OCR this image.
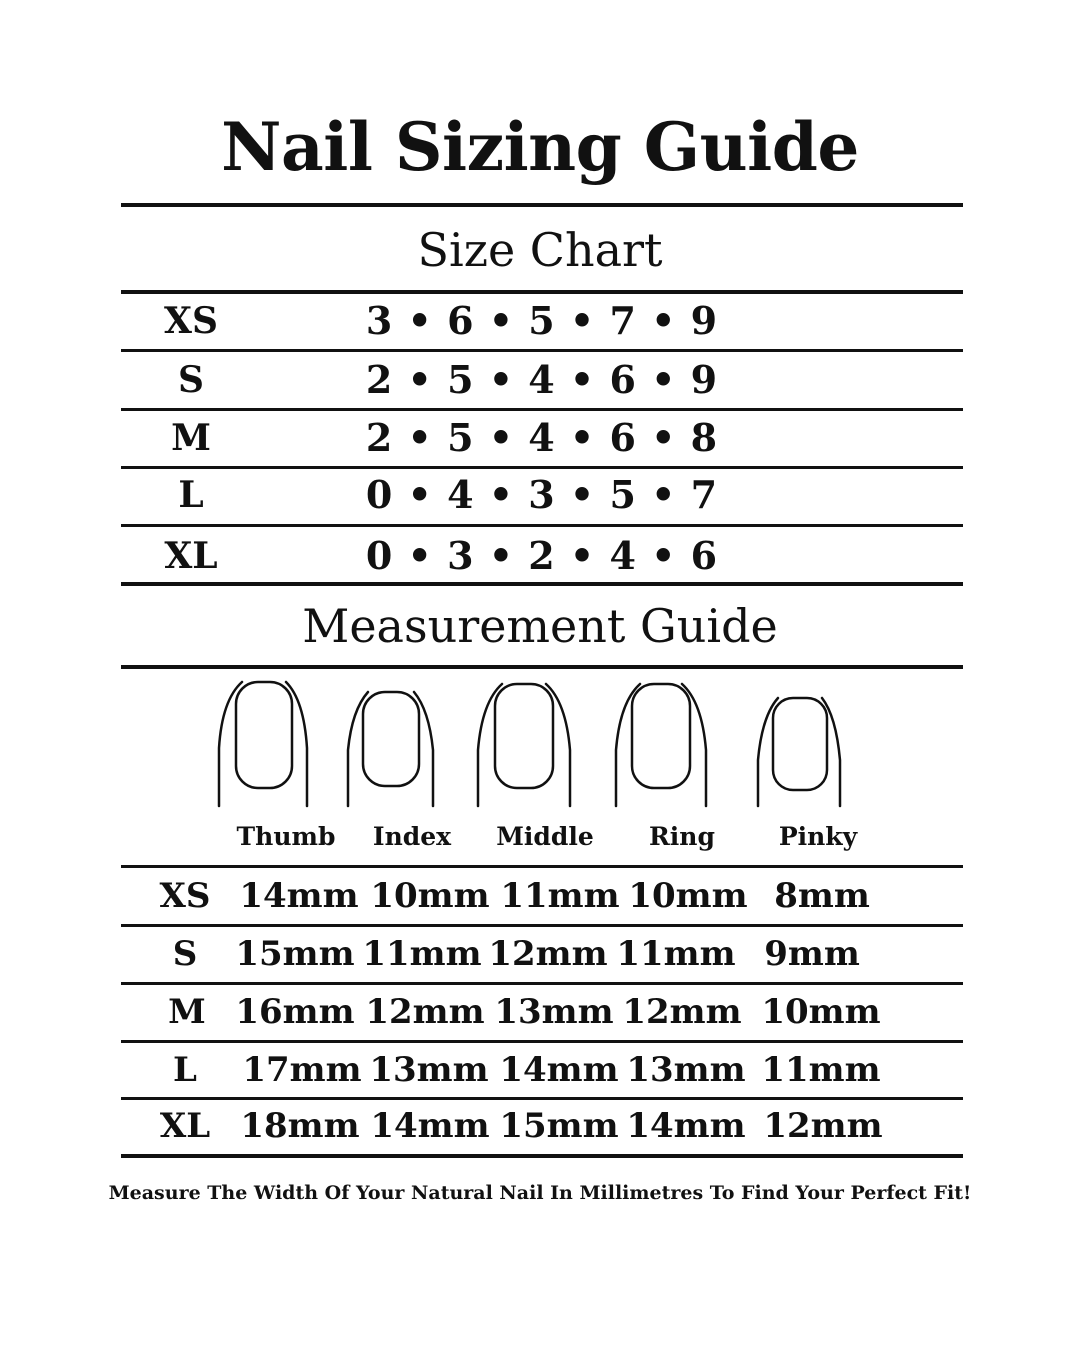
Nail Sizing Guide
Size Chart
XS	3 • 6 • 5 • 7 • 9
S	2 • 5 • 4 • 6 • 9
M	2 • 5 • 4 • 6 • 8
L	0 • 4 • 3 • 5 • 7
XL	0 • 3 • 2 • 4 • 6
Measurement Guide
Thumb	Index	Middle	Ring	Pinky
XS 14mm 10mm 11mm 10mm 8mm
S	15mm 11mm 12mm 11mm 9mm
M 16mm 12mm 13mm 12mm 10mm
L	17mm 13mm 14mm 13mm 11mm
XL 18mm 14mm 15mm 14mm 12mm
Measure The Width Of Your Natural Nail In Millimetres To Find Your Perfect Fit!
